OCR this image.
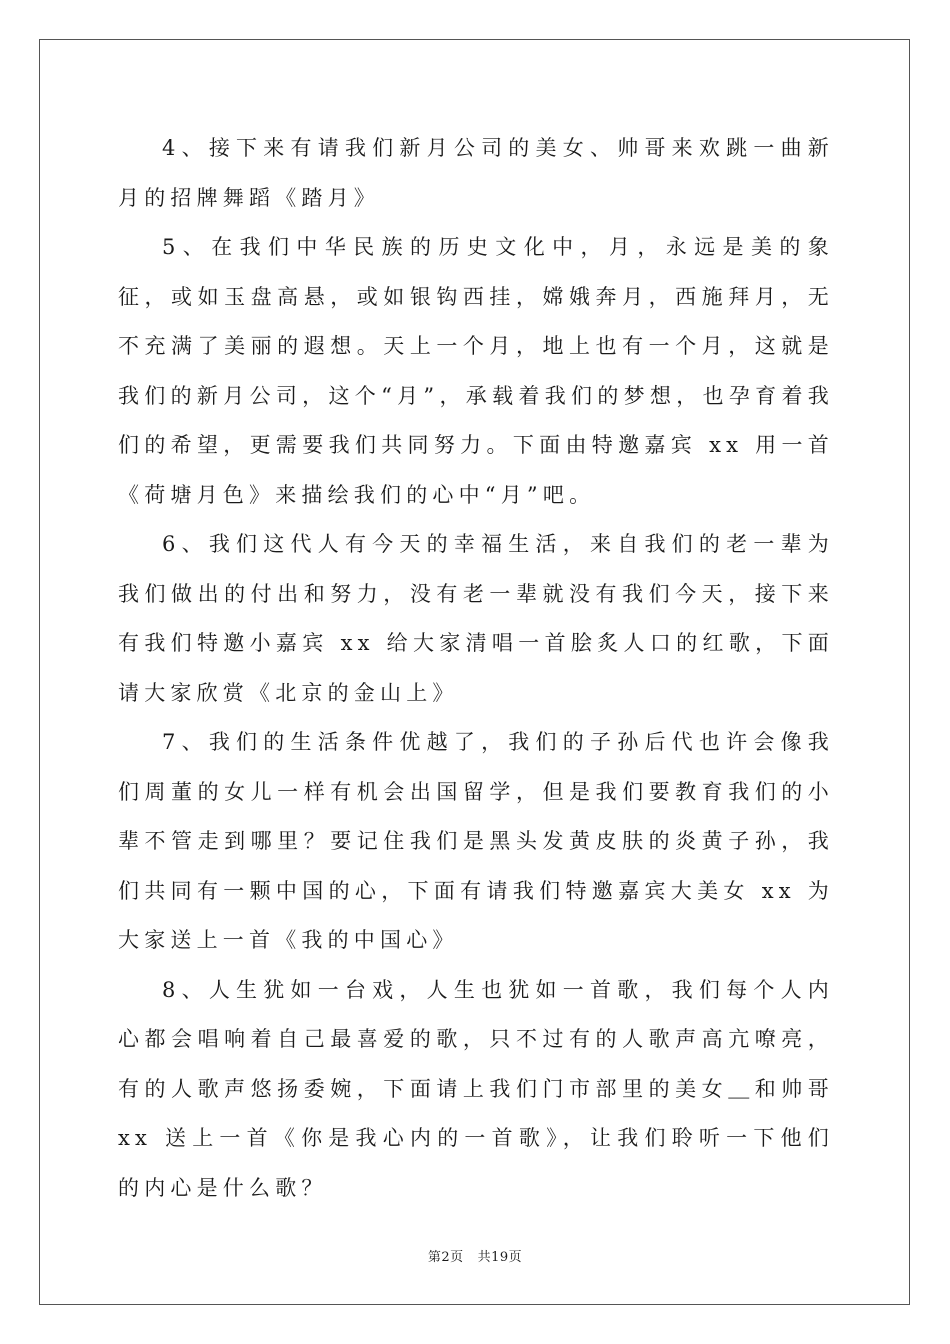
4、接下来有请我们新月公司的美女、帅哥来欢跳一曲新月的招牌舞蹈《踏月》

5、在我们中华民族的历史文化中，月，永远是美的象征，或如玉盘高悬，或如银钩西挂，嫦娥奔月，西施拜月，无不充满了美丽的遐想。天上一个月，地上也有一个月，这就是我们的新月公司，这个“月”，承载着我们的梦想，也孕育着我们的希望，更需要我们共同努力。下面由特邀嘉宾 xx 用一首《荷塘月色》来描绘我们的心中“月”吧。

6、我们这代人有今天的幸福生活，来自我们的老一辈为我们做出的付出和努力，没有老一辈就没有我们今天，接下来有我们特邀小嘉宾 xx 给大家清唱一首脍炙人口的红歌，下面请大家欣赏《北京的金山上》

7、我们的生活条件优越了，我们的子孙后代也许会像我们周董的女儿一样有机会出国留学，但是我们要教育我们的小辈不管走到哪里？要记住我们是黑头发黄皮肤的炎黄子孙，我们共同有一颗中国的心，下面有请我们特邀嘉宾大美女 xx 为大家送上一首《我的中国心》

8、人生犹如一台戏，人生也犹如一首歌，我们每个人内心都会唱响着自己最喜爱的歌，只不过有的人歌声高亢嘹亮，有的人歌声悠扬委婉，下面请上我们门市部里的美女＿和帅哥 xx 送上一首《你是我心内的一首歌》，让我们聆听一下他们的内心是什么歌？

第2页 共19页
